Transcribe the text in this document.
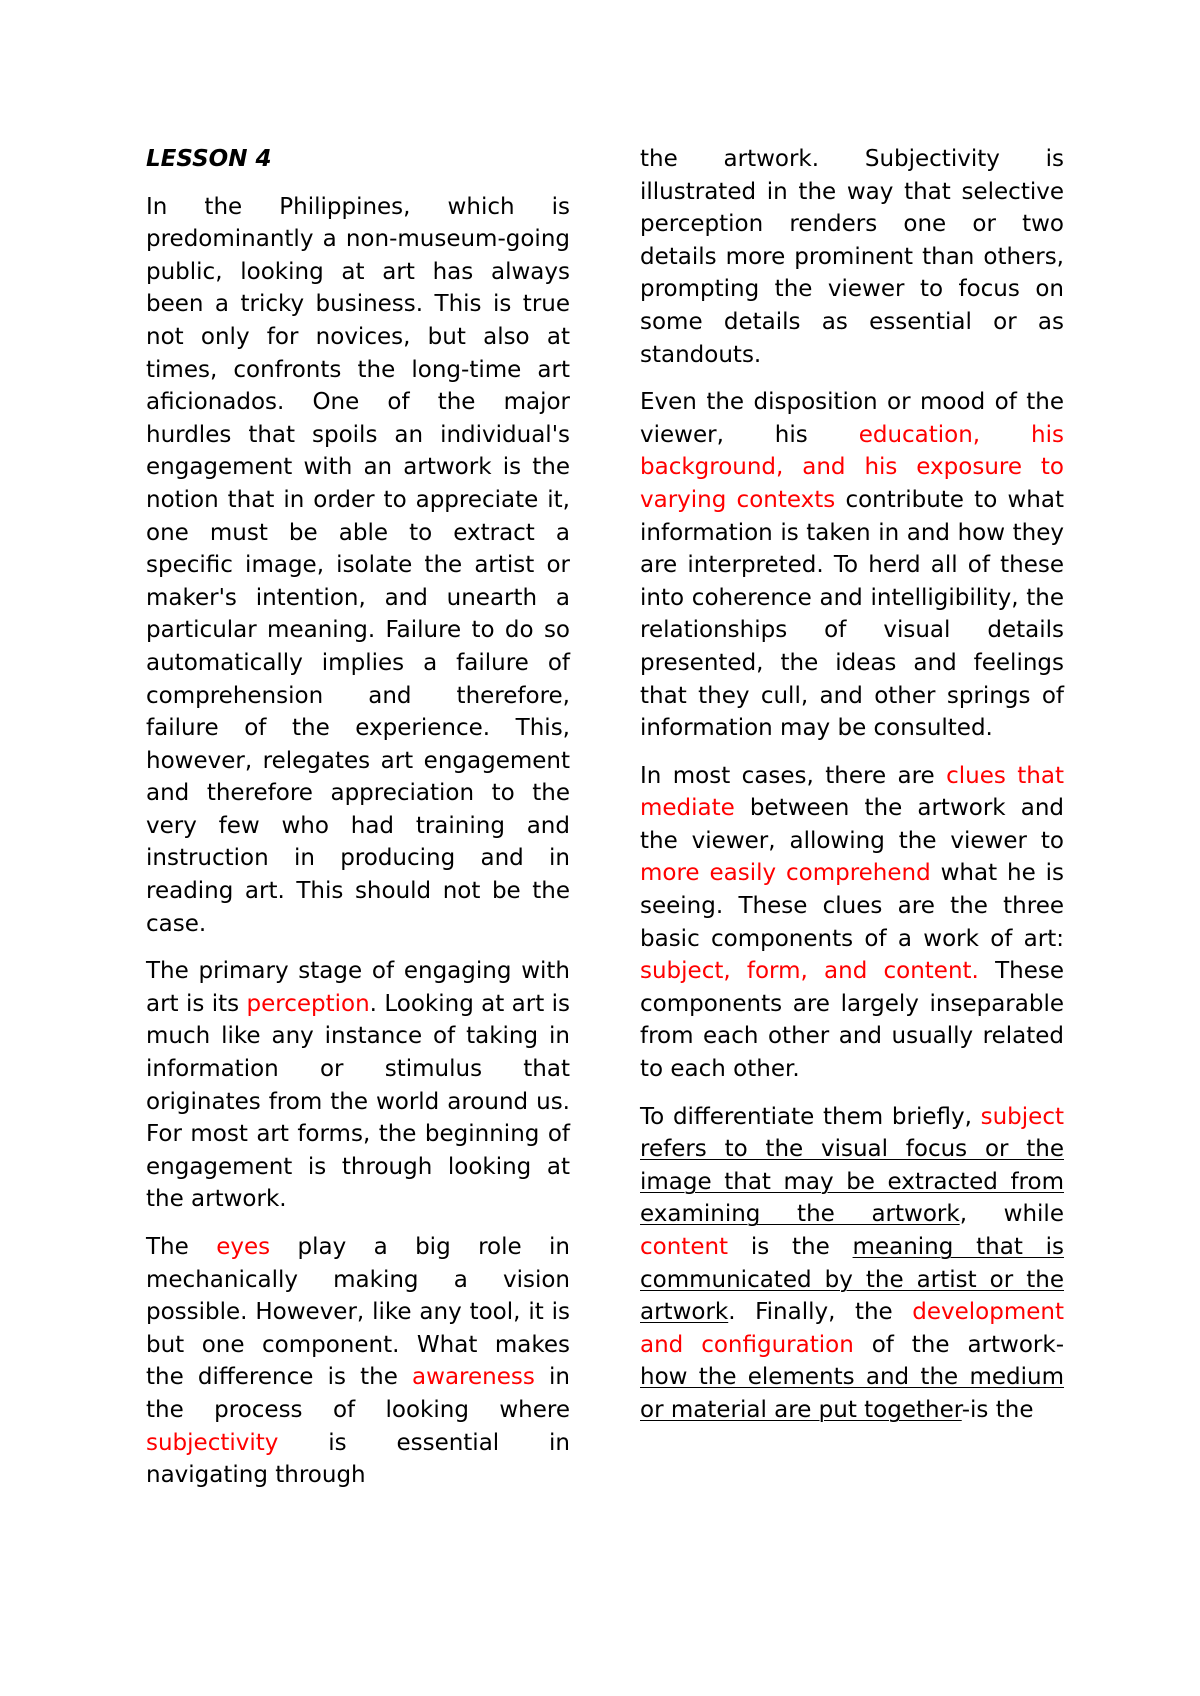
LESSON 4

In the Philippines, which is predominantly a non-museum-going public, looking at art has always been a tricky business. This is true not only for novices, but also at times, confronts the long-time art aficionados. One of the major hurdles that spoils an individual's engagement with an artwork is the notion that in order to appreciate it, one must be able to extract a specific image, isolate the artist or maker's intention, and unearth a particular meaning. Failure to do so automatically implies a failure of comprehension and therefore, failure of the experience. This, however, relegates art engagement and therefore appreciation to the very few who had training and instruction in producing and in reading art. This should not be the case.

The primary stage of engaging with art is its perception. Looking at art is much like any instance of taking in information or stimulus that originates from the world around us. For most art forms, the beginning of engagement is through looking at the artwork.

The eyes play a big role in mechanically making a vision possible. However, like any tool, it is but one component. What makes the difference is the awareness in the process of looking where subjectivity is essential in navigating through

the artwork. Subjectivity is illustrated in the way that selective perception renders one or two details more prominent than others, prompting the viewer to focus on some details as essential or as standouts.

Even the disposition or mood of the viewer, his education, his background, and his exposure to varying contexts contribute to what information is taken in and how they are interpreted. To herd all of these into coherence and intelligibility, the relationships of visual details presented, the ideas and feelings that they cull, and other springs of information may be consulted.

In most cases, there are clues that mediate between the artwork and the viewer, allowing the viewer to more easily comprehend what he is seeing. These clues are the three basic components of a work of art: subject, form, and content. These components are largely inseparable from each other and usually related to each other.

To differentiate them briefly, subject refers to the visual focus or the image that may be extracted from examining the artwork, while content is the meaning that is communicated by the artist or the artwork. Finally, the development and configuration of the artwork-how the elements and the medium or material are put together-is the
